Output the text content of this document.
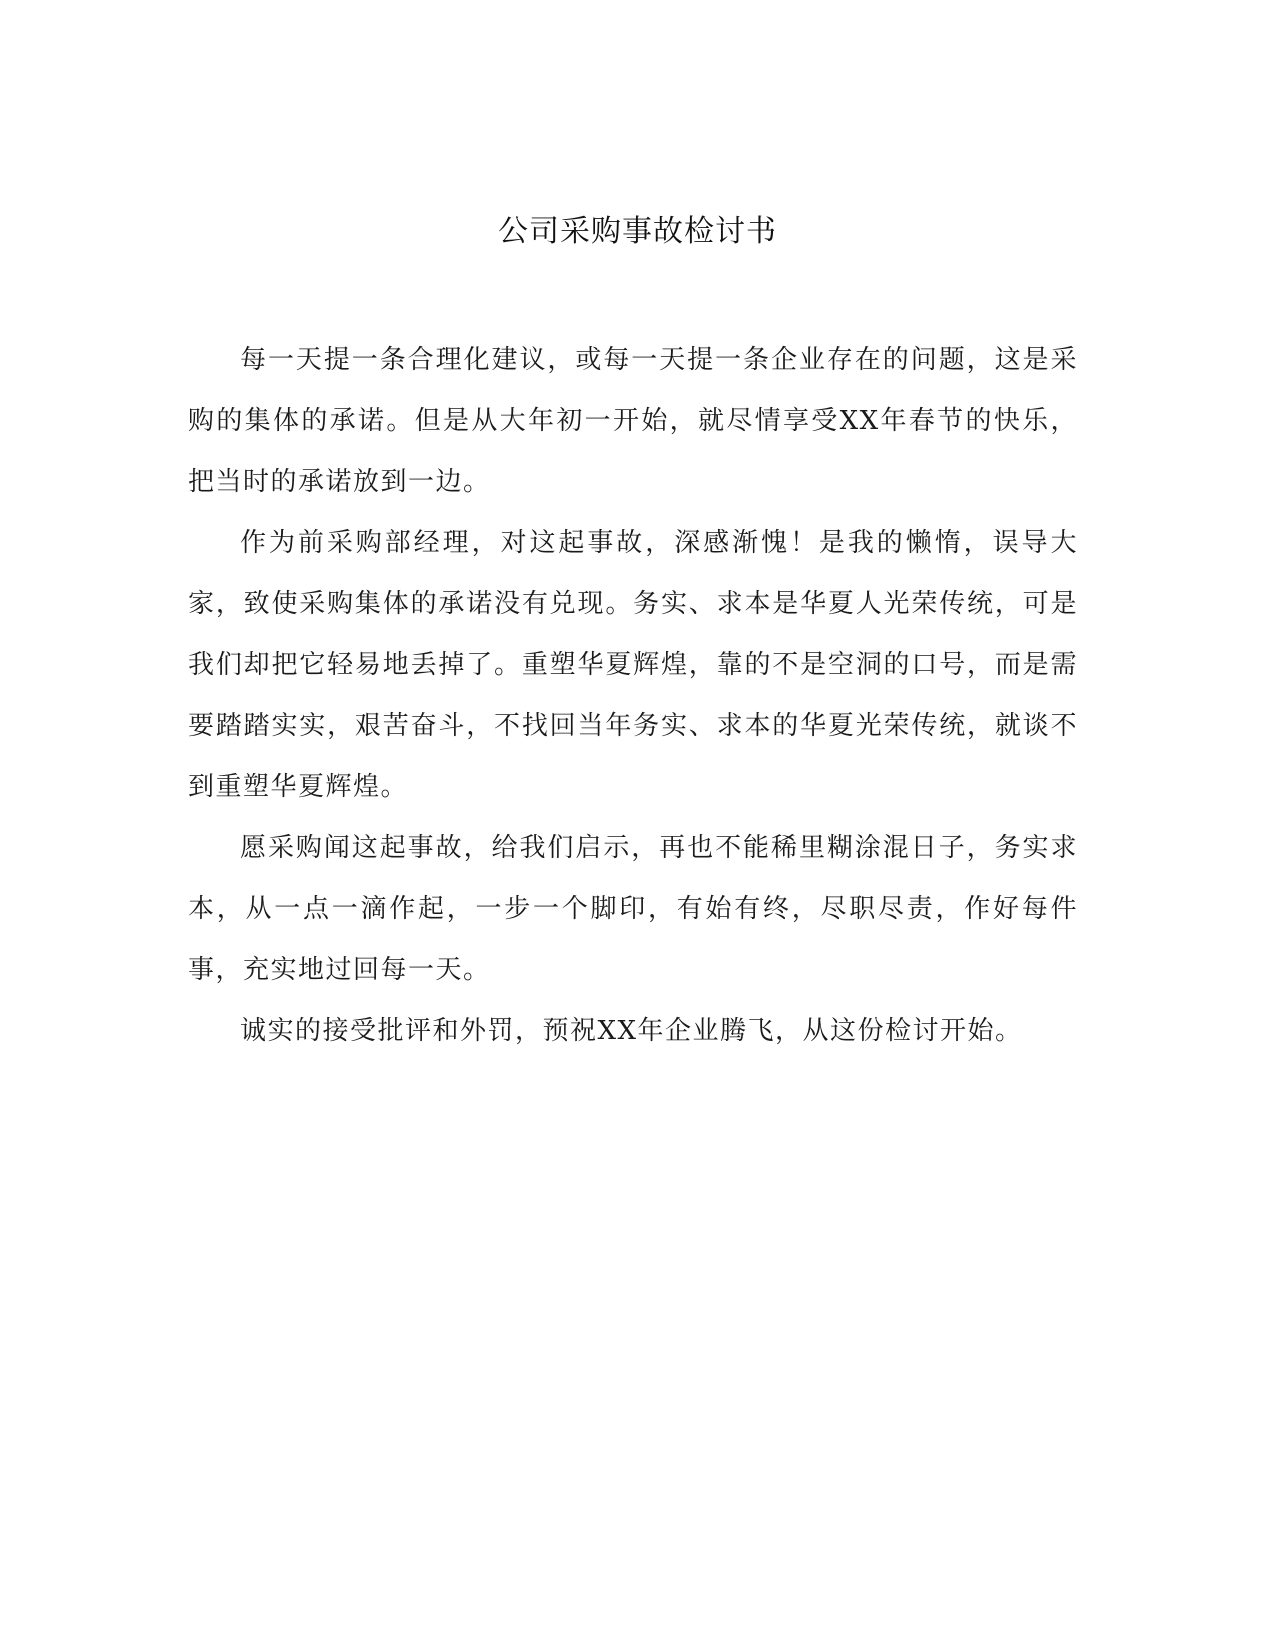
公司采购事故检讨书

每一天提一条合理化建议，或每一天提一条企业存在的问题，这是采购的集体的承诺。但是从大年初一开始，就尽情享受XX年春节的快乐，把当时的承诺放到一边。

作为前采购部经理，对这起事故，深感渐愧！是我的懒惰，误导大家，致使采购集体的承诺没有兑现。务实、求本是华夏人光荣传统，可是我们却把它轻易地丢掉了。重塑华夏辉煌，靠的不是空洞的口号，而是需要踏踏实实，艰苦奋斗，不找回当年务实、求本的华夏光荣传统，就谈不到重塑华夏辉煌。

愿采购闻这起事故，给我们启示，再也不能稀里糊涂混日子，务实求本，从一点一滴作起，一步一个脚印，有始有终，尽职尽责，作好每件事，充实地过回每一天。

诚实的接受批评和外罚，预祝XX年企业腾飞，从这份检讨开始。
